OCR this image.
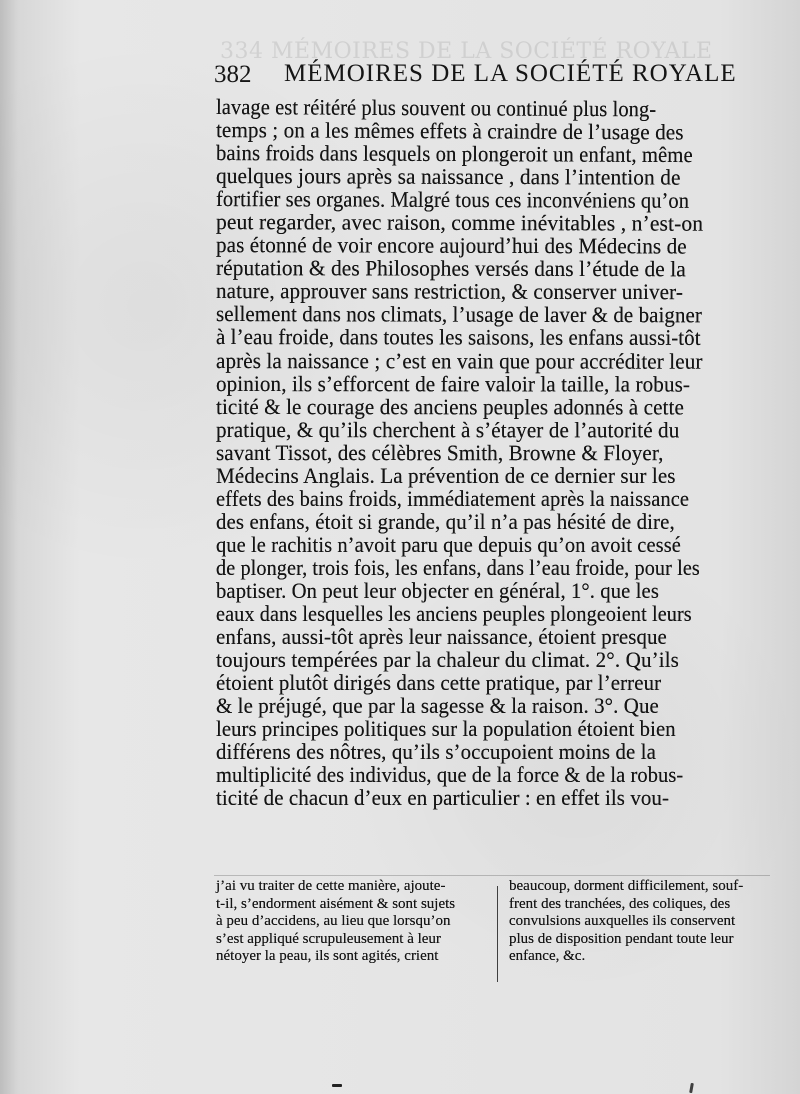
334 MÉMOIRES DE LA SOCIÉTÉ ROYALE
382 MÉMOIRES DE LA SOCIÉTÉ ROYALE
lavage est réitéré plus souvent ou continué plus long-
temps ; on a les mêmes effets à craindre de l’usage des
bains froids dans lesquels on plongeroit un enfant, même
quelques jours après sa naissance , dans l’intention de
fortifier ses organes. Malgré tous ces inconvéniens qu’on
peut regarder, avec raison, comme inévitables , n’est-on
pas étonné de voir encore aujourd’hui des Médecins de
réputation & des Philosophes versés dans l’étude de la
nature, approuver sans restriction, & conserver univer-
sellement dans nos climats, l’usage de laver & de baigner
à l’eau froide, dans toutes les saisons, les enfans aussi-tôt
après la naissance ; c’est en vain que pour accréditer leur
opinion, ils s’efforcent de faire valoir la taille, la robus-
ticité & le courage des anciens peuples adonnés à cette
pratique, & qu’ils cherchent à s’étayer de l’autorité du
savant Tissot, des célèbres Smith, Browne & Floyer,
Médecins Anglais. La prévention de ce dernier sur les
effets des bains froids, immédiatement après la naissance
des enfans, étoit si grande, qu’il n’a pas hésité de dire,
que le rachitis n’avoit paru que depuis qu’on avoit cessé
de plonger, trois fois, les enfans, dans l’eau froide, pour les
baptiser. On peut leur objecter en général, 1°. que les
eaux dans lesquelles les anciens peuples plongeoient leurs
enfans, aussi-tôt après leur naissance, étoient presque
toujours tempérées par la chaleur du climat. 2°. Qu’ils
étoient plutôt dirigés dans cette pratique, par l’erreur
& le préjugé, que par la sagesse & la raison. 3°. Que
leurs principes politiques sur la population étoient bien
différens des nôtres, qu’ils s’occupoient moins de la
multiplicité des individus, que de la force & de la robus-
ticité de chacun d’eux en particulier : en effet ils vou-
j’ai vu traiter de cette manière, ajoute-
t-il, s’endorment aisément & sont sujets
à peu d’accidens, au lieu que lorsqu’on
s’est appliqué scrupuleusement à leur
nétoyer la peau, ils sont agités, crient
beaucoup, dorment difficilement, souf-
frent des tranchées, des coliques, des
convulsions auxquelles ils conservent
plus de disposition pendant toute leur
enfance, &c.
